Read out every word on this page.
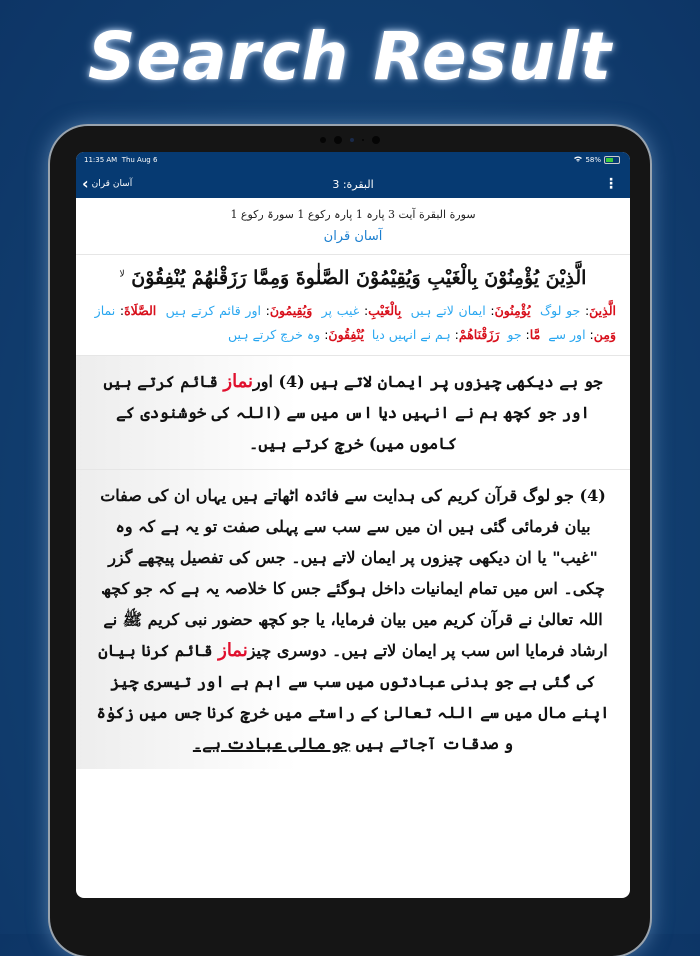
Search Result
11:35 AM Thu Aug 6	58%
‹ آسان قران	البقرة: 3	⋮
سورة البقرة آیت 3 پارہ 1 پارہ رکوع 1 سورۃ رکوع 1
آسان قران
الَّذِيْنَ يُؤْمِنُوْنَ بِالْغَيْبِ وَيُقِيْمُوْنَ الصَّلٰوةَ وَمِمَّا رَزَقْنٰهُمْ يُنْفِقُوْنَ $^{لا}$
الَّذِينَ: جو لوگ  يُؤْمِنُونَ: ایمان لاتے ہیں  بِالْغَيْبِ: غیب پر  وَيُقِيمُونَ: اور قائم کرتے ہیں  الصَّلَاةَ: نماز  وَمِن: اور سے  مَّا: جو  رَزَقْنَاهُمْ: ہم نے انہیں دیا  يُنْفِقُونَ: وہ خرچ کرتے ہیں
جو بے دیکھی چیزوں پر ایمان لاتے ہیں (4) اورنماز قائم کرتے ہیں اور جو کچھ ہم نے انہیں دیا اس میں سے (اللہ کی خوشنودی کے کاموں میں) خرچ کرتے ہیں۔
(4) جو لوگ قرآن کریم کی ہدایت سے فائدہ اٹھاتے ہیں یہاں ان کی صفات بیان فرمائی گئی ہیں ان میں سے سب سے پہلی صفت تو یہ ہے کہ وہ "غیب" یا ان دیکھی چیزوں پر ایمان لاتے ہیں۔ جس کی تفصیل پیچھے گزر چکی۔ اس میں تمام ایمانیات داخل ہوگئے جس کا خلاصہ یہ ہے کہ جو کچھ اللہ تعالیٰ نے قرآن کریم میں بیان فرمایا، یا جو کچھ حضور نبی کریم ﷺ نے ارشاد فرمایا اس سب پر ایمان لاتے ہیں۔ دوسری چیزنماز قائم کرنا بیان کی گئی ہے جو بدنی عبادتوں میں سب سے اہم ہے اور تیسری چیز اپنے مال میں سے اللہ تعالیٰ کے راستے میں خرچ کرنا جس میں زکوٰۃ و صدقات آجاتے ہیں جو مالی عبادت ہے۔
